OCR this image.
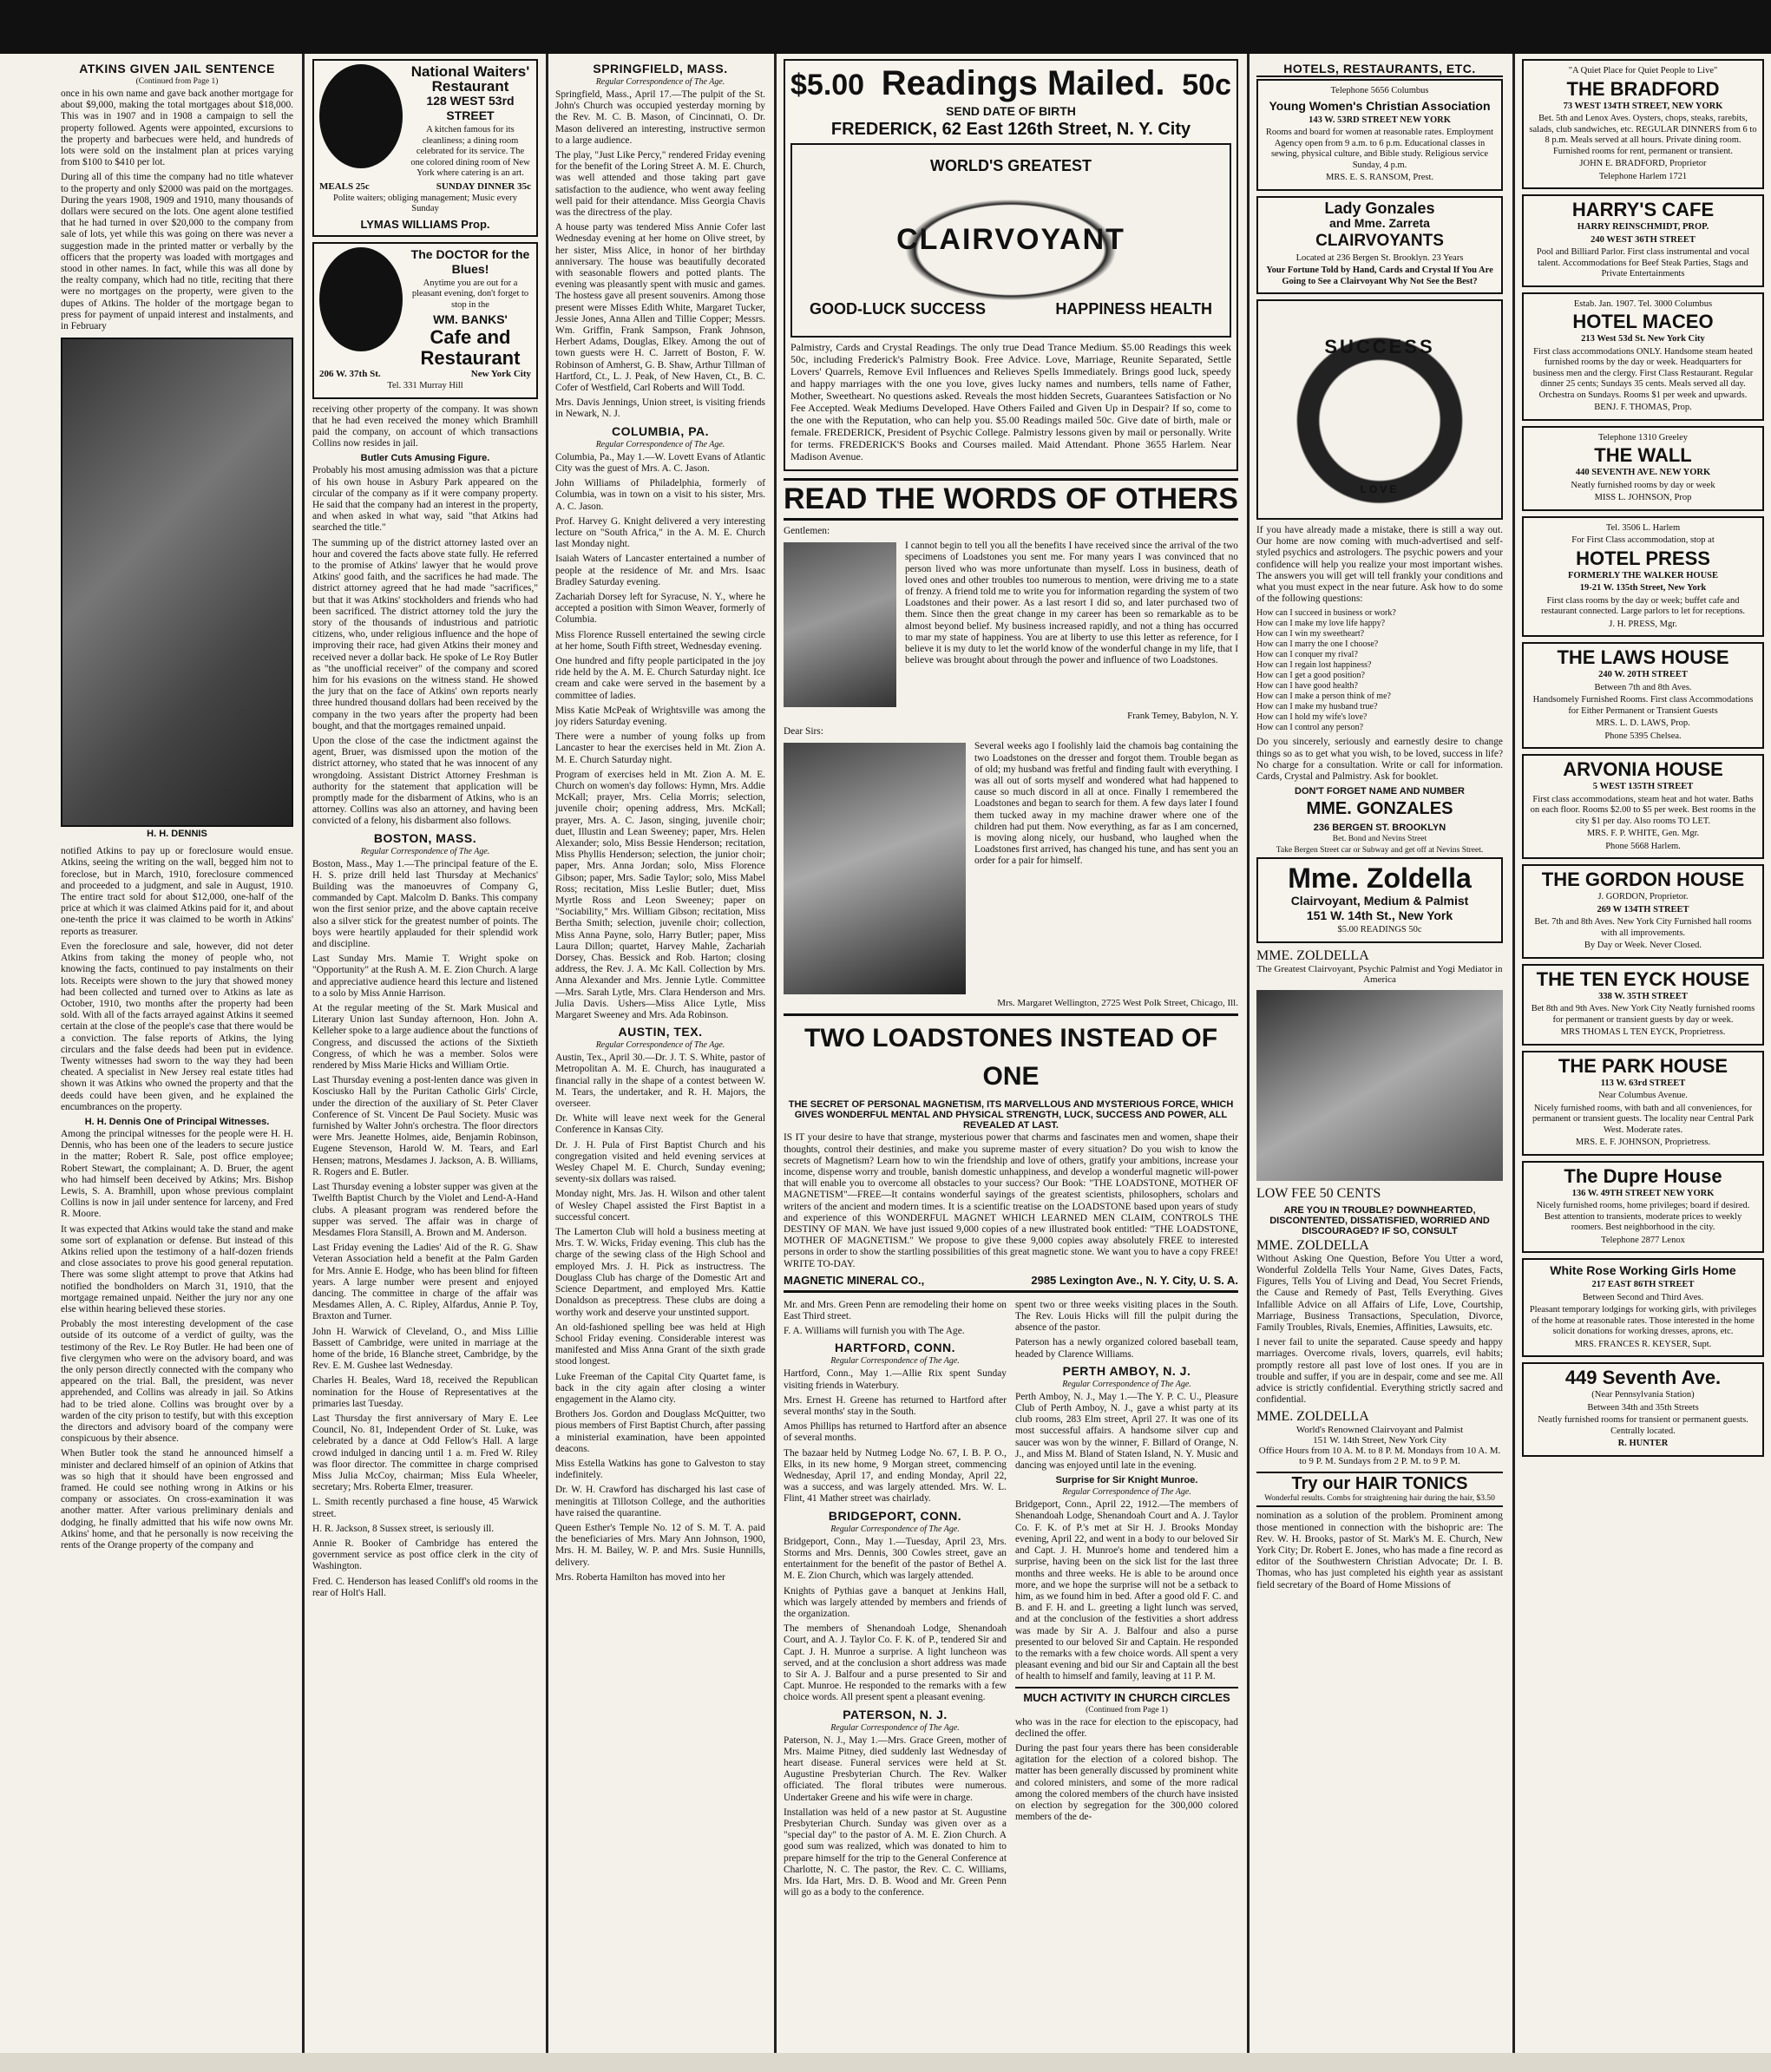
ATKINS GIVEN JAIL SENTENCE
(Continued from Page 1)

once in his own name and gave back another mortgage for about $9,000, making the total mortgages about $18,000. This was in 1907 and in 1908 a campaign to sell the property followed. Agents were appointed, excursions to the property and barbecues were held, and hundreds of lots were sold on the instalment plan at prices varying from $100 to $410 per lot.

During all of this time the company had no title whatever to the property and only $2000 was paid on the mortgages. During the years 1908, 1909 and 1910, many thousands of dollars were secured on the lots. One agent alone testified that he had turned in over $20,000 to the company from sale of lots, yet while this was going on there was never a suggestion made in the printed matter or verbally by the officers that the property was loaded with mortgages and stood in other names. In fact, while this was all done by the realty company, which had no title, reciting that there were no mortgages on the property, were given to the dupes of Atkins. The holder of the mortgage began to press for payment of unpaid interest and instalments, and in February

H. H. DENNIS

notified Atkins to pay up or foreclosure would ensue. Atkins, seeing the writing on the wall, begged him not to foreclose, but in March, 1910, foreclosure commenced and proceeded to a judgment, and sale in August, 1910. The entire tract sold for about $12,000, one-half of the price at which it was claimed Atkins paid for it, and about one-tenth the price it was claimed to be worth in Atkins' reports as treasurer.

Even the foreclosure and sale, however, did not deter Atkins from taking the money of people who, not knowing the facts, continued to pay instalments on their lots. Receipts were shown to the jury that showed money had been collected and turned over to Atkins as late as October, 1910, two months after the property had been sold. With all of the facts arrayed against Atkins it seemed certain at the close of the people's case that there would be a conviction. The false reports of Atkins, the lying circulars and the false deeds had been put in evidence. Twenty witnesses had sworn to the way they had been cheated. A specialist in New Jersey real estate titles had shown it was Atkins who owned the property and that the deeds could have been given, and he explained the encumbrances on the property.

H. H. Dennis One of Principal Witnesses.

Among the principal witnesses for the people were H. H. Dennis, who has been one of the leaders to secure justice in the matter; Robert R. Sale, post office employee; Robert Stewart, the complainant; A. D. Bruer, the agent who had himself been deceived by Atkins; Mrs. Bishop Lewis, S. A. Bramhill, upon whose previous complaint Collins is now in jail under sentence for larceny, and Fred R. Moore.

It was expected that Atkins would take the stand and make some sort of explanation or defense. But instead of this Atkins relied upon the testimony of a half-dozen friends and close associates to prove his good general reputation. There was some slight attempt to prove that Atkins had notified the bondholders on March 31, 1910, that the mortgage remained unpaid. Neither the jury nor any one else within hearing believed these stories.

Probably the most interesting development of the case outside of its outcome of a verdict of guilty, was the testimony of the Rev. Le Roy Butler. He had been one of five clergymen who were on the advisory board, and was the only person directly connected with the company who appeared on the trial. Ball, the president, was never apprehended, and Collins was already in jail. So Atkins had to be tried alone. Collins was brought over by a warden of the city prison to testify, but with this exception the directors and advisory board of the company were conspicuous by their absence.

When Butler took the stand he announced himself a minister and declared himself of an opinion of Atkins that was so high that it should have been engrossed and framed. He could see nothing wrong in Atkins or his company or associates. On cross-examination it was another matter. After various preliminary denials and dodging, he finally admitted that his wife now owns Mr. Atkins' home, and that he personally is now receiving the rents of the Orange property of the company and

National Waiters' Restaurant
128 WEST 53rd STREET
A kitchen famous for its cleanliness; a dining room celebrated for its service. The one colored dining room of New York where catering is an art.
MEALS 25c	SUNDAY DINNER 35c
Polite waiters; obliging management; Music every Sunday
LYMAS WILLIAMS Prop.
The DOCTOR for the Blues!
Anytime you are out for a pleasant evening, don't forget to stop in the
WM. BANKS'
Cafe and Restaurant
206 W. 37th St.	New York City
Tel. 331 Murray Hill

receiving other property of the company. It was shown that he had even received the money which Bramhill paid the company, on account of which transactions Collins now resides in jail.

Butler Cuts Amusing Figure.

Probably his most amusing admission was that a picture of his own house in Asbury Park appeared on the circular of the company as if it were company property. He said that the company had an interest in the property, and when asked in what way, said "that Atkins had searched the title."

The summing up of the district attorney lasted over an hour and covered the facts above state fully. He referred to the promise of Atkins' lawyer that he would prove Atkins' good faith, and the sacrifices he had made. The district attorney agreed that he had made "sacrifices," but that it was Atkins' stockholders and friends who had been sacrificed. The district attorney told the jury the story of the thousands of industrious and patriotic citizens, who, under religious influence and the hope of improving their race, had given Atkins their money and received never a dollar back. He spoke of Le Roy Butler as "the unofficial receiver" of the company and scored him for his evasions on the witness stand. He showed the jury that on the face of Atkins' own reports nearly three hundred thousand dollars had been received by the company in the two years after the property had been bought, and that the mortgages remained unpaid.

Upon the close of the case the indictment against the agent, Bruer, was dismissed upon the motion of the district attorney, who stated that he was innocent of any wrongdoing. Assistant District Attorney Freshman is authority for the statement that application will be promptly made for the disbarment of Atkins, who is an attorney. Collins was also an attorney, and having been convicted of a felony, his disbarment also follows.

BOSTON, MASS.
Regular Correspondence of The Age.

Boston, Mass., May 1.—The principal feature of the E. H. S. prize drill held last Thursday at Mechanics' Building was the manoeuvres of Company G, commanded by Capt. Malcolm D. Banks. This company won the first senior prize, and the above captain receive also a silver stick for the greatest number of points. The boys were heartily applauded for their splendid work and discipline.

Last Sunday Mrs. Mamie T. Wright spoke on "Opportunity" at the Rush A. M. E. Zion Church. A large and appreciative audience heard this lecture and listened to a solo by Miss Annie Harrison.

At the regular meeting of the St. Mark Musical and Literary Union last Sunday afternoon, Hon. John A. Kelleher spoke to a large audience about the functions of Congress, and discussed the actions of the Sixtieth Congress, of which he was a member. Solos were rendered by Miss Marie Hicks and William Ortie.

Last Thursday evening a post-lenten dance was given in Kosciusko Hall by the Puritan Catholic Girls' Circle, under the direction of the auxiliary of St. Peter Claver Conference of St. Vincent De Paul Society. Music was furnished by Walter John's orchestra. The floor directors were Mrs. Jeanette Holmes, aide, Benjamin Robinson, Eugene Stevenson, Harold W. M. Tears, and Earl Hensen; matrons, Mesdames J. Jackson, A. B. Williams, R. Rogers and E. Butler.

Last Thursday evening a lobster supper was given at the Twelfth Baptist Church by the Violet and Lend-A-Hand clubs. A pleasant program was rendered before the supper was served. The affair was in charge of Mesdames Flora Stansill, A. Brown and M. Anderson.

Last Friday evening the Ladies' Aid of the R. G. Shaw Veteran Association held a benefit at the Palm Garden for Mrs. Annie E. Hodge, who has been blind for fifteen years. A large number were present and enjoyed dancing. The committee in charge of the affair was Mesdames Allen, A. C. Ripley, Alfardus, Annie P. Toy, Braxton and Turner.

John H. Warwick of Cleveland, O., and Miss Lillie Bassett of Cambridge, were united in marriage at the home of the bride, 16 Blanche street, Cambridge, by the Rev. E. M. Gushee last Wednesday.

Charles H. Beales, Ward 18, received the Republican nomination for the House of Representatives at the primaries last Tuesday.

Last Thursday the first anniversary of Mary E. Lee Council, No. 81, Independent Order of St. Luke, was celebrated by a dance at Odd Fellow's Hall. A large crowd indulged in dancing until 1 a. m. Fred W. Riley was floor director. The committee in charge comprised Miss Julia McCoy, chairman; Miss Eula Wheeler, secretary; Mrs. Roberta Elmer, treasurer.

L. Smith recently purchased a fine house, 45 Warwick street.

H. R. Jackson, 8 Sussex street, is seriously ill.

Annie R. Booker of Cambridge has entered the government service as post office clerk in the city of Washington.

Fred. C. Henderson has leased Conliff's old rooms in the rear of Holt's Hall.

SPRINGFIELD, MASS.
Regular Correspondence of The Age.

Springfield, Mass., April 17.—The pulpit of the St. John's Church was occupied yesterday morning by the Rev. M. C. B. Mason, of Cincinnati, O. Dr. Mason delivered an interesting, instructive sermon to a large audience.

The play, "Just Like Percy," rendered Friday evening for the benefit of the Loring Street A. M. E. Church, was well attended and those taking part gave satisfaction to the audience, who went away feeling well paid for their attendance. Miss Georgia Chavis was the directress of the play.

A house party was tendered Miss Annie Cofer last Wednesday evening at her home on Olive street, by her sister, Miss Alice, in honor of her birthday anniversary. The house was beautifully decorated with seasonable flowers and potted plants. The evening was pleasantly spent with music and games. The hostess gave all present souvenirs. Among those present were Misses Edith White, Margaret Tucker, Jessie Jones, Anna Allen and Tillie Copper; Messrs. Wm. Griffin, Frank Sampson, Frank Johnson, Herbert Adams, Douglas, Elkey. Among the out of town guests were H. C. Jarrett of Boston, F. W. Robinson of Amherst, G. B. Shaw, Arthur Tillman of Hartford, Ct., L. J. Peak, of New Haven, Ct., B. C. Cofer of Westfield, Carl Roberts and Will Todd.

Mrs. Davis Jennings, Union street, is visiting friends in Newark, N. J.

COLUMBIA, PA.
Regular Correspondence of The Age.

Columbia, Pa., May 1.—W. Lovett Evans of Atlantic City was the guest of Mrs. A. C. Jason.

John Williams of Philadelphia, formerly of Columbia, was in town on a visit to his sister, Mrs. A. C. Jason.

Prof. Harvey G. Knight delivered a very interesting lecture on "South Africa," in the A. M. E. Church last Monday night.

Isaiah Waters of Lancaster entertained a number of people at the residence of Mr. and Mrs. Isaac Bradley Saturday evening.

Zachariah Dorsey left for Syracuse, N. Y., where he accepted a position with Simon Weaver, formerly of Columbia.

Miss Florence Russell entertained the sewing circle at her home, South Fifth street, Wednesday evening.

One hundred and fifty people participated in the joy ride held by the A. M. E. Church Saturday night. Ice cream and cake were served in the basement by a committee of ladies.

Miss Katie McPeak of Wrightsville was among the joy riders Saturday evening.

There were a number of young folks up from Lancaster to hear the exercises held in Mt. Zion A. M. E. Church Saturday night.

Program of exercises held in Mt. Zion A. M. E. Church on women's day follows: Hymn, Mrs. Addie McKall; prayer, Mrs. Celia Morris; selection, juvenile choir; opening address, Mrs. McKall; prayer, Mrs. A. C. Jason, singing, juvenile choir; duet, Illustin and Lean Sweeney; paper, Mrs. Helen Alexander; solo, Miss Bessie Henderson; recitation, Miss Phyllis Henderson; selection, the junior choir; paper, Mrs. Anna Jordan; solo, Miss Florence Gibson; paper, Mrs. Sadie Taylor; solo, Miss Mabel Ross; recitation, Miss Leslie Butler; duet, Miss Myrtle Ross and Leon Sweeney; paper on "Sociability," Mrs. William Gibson; recitation, Miss Bertha Smith; selection, juvenile choir; collection, Miss Anna Payne, solo, Harry Butler; paper, Miss Laura Dillon; quartet, Harvey Mahle, Zachariah Dorsey, Chas. Bessick and Rob. Harton; closing address, the Rev. J. A. Mc Kall. Collection by Mrs. Anna Alexander and Mrs. Jennie Lytle. Committee—Mrs. Sarah Lytle, Mrs. Clara Henderson and Mrs. Julia Davis. Ushers—Miss Alice Lytle, Miss Margaret Sweeney and Mrs. Ada Robinson.

AUSTIN, TEX.
Regular Correspondence of The Age.

Austin, Tex., April 30.—Dr. J. T. S. White, pastor of Metropolitan A. M. E. Church, has inaugurated a financial rally in the shape of a contest between W. M. Tears, the undertaker, and R. H. Majors, the overseer.

Dr. White will leave next week for the General Conference in Kansas City.

Dr. J. H. Pula of First Baptist Church and his congregation visited and held evening services at Wesley Chapel M. E. Church, Sunday evening; seventy-six dollars was raised.

Monday night, Mrs. Jas. H. Wilson and other talent of Wesley Chapel assisted the First Baptist in a successful concert.

The Lamerton Club will hold a business meeting at Mrs. T. W. Wicks, Friday evening. This club has the charge of the sewing class of the High School and employed Mrs. J. H. Pick as instructress. The Douglass Club has charge of the Domestic Art and Science Department, and employed Mrs. Kattie Donaldson as preceptress. These clubs are doing a worthy work and deserve your unstinted support.

An old-fashioned spelling bee was held at High School Friday evening. Considerable interest was manifested and Miss Anna Grant of the sixth grade stood longest.

Luke Freeman of the Capital City Quartet fame, is back in the city again after closing a winter engagement in the Alamo city.

Brothers Jos. Gordon and Douglass McQuitter, two pious members of First Baptist Church, after passing a ministerial examination, have been appointed deacons.

Miss Estella Watkins has gone to Galveston to stay indefinitely.

Dr. W. H. Crawford has discharged his last case of meningitis at Tillotson College, and the authorities have raised the quarantine.

Queen Esther's Temple No. 12 of S. M. T. A. paid the beneficiaries of Mrs. Mary Ann Johnson, 1900, Mrs. H. M. Bailey, W. P. and Mrs. Susie Hunnills, delivery.

Mrs. Roberta Hamilton has moved into her

$5.00 Readings Mailed. 50c
SEND DATE OF BIRTH
FREDERICK, 62 East 126th Street, N. Y. City
WORLD'S GREATEST
CLAIRVOYANT
GOOD-LUCK SUCCESS	HAPPINESS HEALTH

Palmistry, Cards and Crystal Readings. The only true Dead Trance Medium. $5.00 Readings this week 50c, including Frederick's Palmistry Book. Free Advice. Love, Marriage, Reunite Separated, Settle Lovers' Quarrels, Remove Evil Influences and Relieves Spells Immediately. Brings good luck, speedy and happy marriages with the one you love, gives lucky names and numbers, tells name of Father, Mother, Sweetheart. No questions asked. Reveals the most hidden Secrets, Guarantees Satisfaction or No Fee Accepted. Weak Mediums Developed. Have Others Failed and Given Up in Despair? If so, come to the one with the Reputation, who can help you. $5.00 Readings mailed 50c. Give date of birth, male or female. FREDERICK, President of Psychic College. Palmistry lessons given by mail or personally. Write for terms. FREDERICK'S Books and Courses mailed. Maid Attendant. Phone 3655 Harlem. Near Madison Avenue.

READ THE WORDS OF OTHERS

Gentlemen:

I cannot begin to tell you all the benefits I have received since the arrival of the two specimens of Loadstones you sent me. For many years I was convinced that no person lived who was more unfortunate than myself. Loss in business, death of loved ones and other troubles too numerous to mention, were driving me to a state of frenzy. A friend told me to write you for information regarding the system of two Loadstones and their power. As a last resort I did so, and later purchased two of them. Since then the great change in my career has been so remarkable as to be almost beyond belief. My business increased rapidly, and not a thing has occurred to mar my state of happiness. You are at liberty to use this letter as reference, for I believe it is my duty to let the world know of the wonderful change in my life, that I believe was brought about through the power and influence of two Loadstones.

Frank Temey, Babylon, N. Y.

Dear Sirs:

Several weeks ago I foolishly laid the chamois bag containing the two Loadstones on the dresser and forgot them. Trouble began as of old; my husband was fretful and finding fault with everything. I was all out of sorts myself and wondered what had happened to cause so much discord in all at once. Finally I remembered the Loadstones and began to search for them. A few days later I found them tucked away in my machine drawer where one of the children had put them. Now everything, as far as I am concerned, is moving along nicely, our husband, who laughed when the Loadstones first arrived, has changed his tune, and has sent you an order for a pair for himself.

Mrs. Margaret Wellington, 2725 West Polk Street, Chicago, Ill.
TWO LOADSTONES INSTEAD OF ONE
THE SECRET OF PERSONAL MAGNETISM, ITS MARVELLOUS AND MYSTERIOUS FORCE, WHICH GIVES WONDERFUL MENTAL AND PHYSICAL STRENGTH, LUCK, SUCCESS AND POWER, ALL REVEALED AT LAST.

IS IT your desire to have that strange, mysterious power that charms and fascinates men and women, shape their thoughts, control their destinies, and make you supreme master of every situation? Do you wish to know the secrets of Magnetism? Learn how to win the friendship and love of others, gratify your ambitions, increase your income, dispense worry and trouble, banish domestic unhappiness, and develop a wonderful magnetic will-power that will enable you to overcome all obstacles to your success? Our Book: "THE LOADSTONE, MOTHER OF MAGNETISM"—FREE—It contains wonderful sayings of the greatest scientists, philosophers, scholars and writers of the ancient and modern times. It is a scientific treatise on the LOADSTONE based upon years of study and experience of this WONDERFUL MAGNET WHICH LEARNED MEN CLAIM, CONTROLS THE DESTINY OF MAN. We have just issued 9,000 copies of a new illustrated book entitled: "THE LOADSTONE, MOTHER OF MAGNETISM." We propose to give these 9,000 copies away absolutely FREE to interested persons in order to show the startling possibilities of this great magnetic stone. We want you to have a copy FREE! WRITE TO-DAY.

MAGNETIC MINERAL CO.,	2985 Lexington Ave., N. Y. City, U. S. A.

Mr. and Mrs. Green Penn are remodeling their home on East Third street.

F. A. Williams will furnish you with The Age.

HARTFORD, CONN.
Regular Correspondence of The Age.

Hartford, Conn., May 1.—Allie Rix spent Sunday visiting friends in Waterbury.

Mrs. Ernest H. Greene has returned to Hartford after several months' stay in the South.

Amos Phillips has returned to Hartford after an absence of several months.

The bazaar held by Nutmeg Lodge No. 67, I. B. P. O., Elks, in its new home, 9 Morgan street, commencing Wednesday, April 17, and ending Monday, April 22, was a success, and was largely attended. Mrs. W. L. Flint, 41 Mather street was chairlady.

BRIDGEPORT, CONN.
Regular Correspondence of The Age.

Bridgeport, Conn., May 1.—Tuesday, April 23, Mrs. Storms and Mrs. Dennis, 300 Cowles street, gave an entertainment for the benefit of the pastor of Bethel A. M. E. Zion Church, which was largely attended.

Knights of Pythias gave a banquet at Jenkins Hall, which was largely attended by members and friends of the organization.

The members of Shenandoah Lodge, Shenandoah Court, and A. J. Taylor Co. F. K. of P., tendered Sir and Capt. J. H. Munroe a surprise. A light luncheon was served, and at the conclusion a short address was made to Sir A. J. Balfour and a purse presented to Sir and Capt. Munroe. He responded to the remarks with a few choice words. All present spent a pleasant evening.

PATERSON, N. J.
Regular Correspondence of The Age.

Paterson, N. J., May 1.—Mrs. Grace Green, mother of Mrs. Maime Pitney, died suddenly last Wednesday of heart disease. Funeral services were held at St. Augustine Presbyterian Church. The Rev. Walker officiated. The floral tributes were numerous. Undertaker Greene and his wife were in charge.

Installation was held of a new pastor at St. Augustine Presbyterian Church. Sunday was given over as a "special day" to the pastor of A. M. E. Zion Church. A good sum was realized, which was donated to him to prepare himself for the trip to the General Conference at Charlotte, N. C. The pastor, the Rev. C. C. Williams, Mrs. Ida Hart, Mrs. D. B. Wood and Mr. Green Penn will go as a body to the conference.

spent two or three weeks visiting places in the South. The Rev. Louis Hicks will fill the pulpit during the absence of the pastor.

Paterson has a newly organized colored baseball team, headed by Clarence Williams.

PERTH AMBOY, N. J.
Regular Correspondence of The Age.

Perth Amboy, N. J., May 1.—The Y. P. C. U., Pleasure Club of Perth Amboy, N. J., gave a whist party at its club rooms, 283 Elm street, April 27. It was one of its most successful affairs. A handsome silver cup and saucer was won by the winner, F. Billard of Orange, N. J., and Miss M. Bland of Staten Island, N. Y. Music and dancing was enjoyed until late in the evening.

Surprise for Sir Knight Munroe.
Regular Correspondence of The Age.

Bridgeport, Conn., April 22, 1912.—The members of Shenandoah Lodge, Shenandoah Court and A. J. Taylor Co. F. K. of P.'s met at Sir H. J. Brooks Monday evening, April 22, and went in a body to our beloved Sir and Capt. J. H. Munroe's home and tendered him a surprise, having been on the sick list for the last three months and three weeks. He is able to be around once more, and we hope the surprise will not be a setback to him, as we found him in bed. After a good old F. C. and B. and F. H. and L. greeting a light lunch was served, and at the conclusion of the festivities a short address was made by Sir A. J. Balfour and also a purse presented to our beloved Sir and Captain. He responded to the remarks with a few choice words. All spent a very pleasant evening and bid our Sir and Captain all the best of health to himself and family, leaving at 11 P. M.

MUCH ACTIVITY IN CHURCH CIRCLES
(Continued from Page 1)

who was in the race for election to the episcopacy, had declined the offer.

During the past four years there has been considerable agitation for the election of a colored bishop. The matter has been generally discussed by prominent white and colored ministers, and some of the more radical among the colored members of the church have insisted on election by segregation for the 300,000 colored members of the de-

HOTELS, RESTAURANTS, ETC.
Telephone 5656 Columbus
Young Women's Christian Association
143 W. 53RD STREET NEW YORK
Rooms and board for women at reasonable rates. Employment Agency open from 9 a.m. to 6 p.m. Educational classes in sewing, physical culture, and Bible study. Religious service Sunday, 4 p.m.
MRS. E. S. RANSOM, Prest.
Lady Gonzales
and Mme. Zarreta
CLAIRVOYANTS
Located at 236 Bergen St. Brooklyn. 23 Years
Your Fortune Told by Hand, Cards and Crystal If You Are Going to See a Clairvoyant Why Not See the Best?
SUCCESS
LOVE

If you have already made a mistake, there is still a way out. Our home are now coming with much-advertised and self-styled psychics and astrologers. The psychic powers and your confidence will help you realize your most important wishes. The answers you will get will tell frankly your conditions and what you must expect in the near future. Ask how to do some of the following questions:

How can I succeed in business or work?
How can I make my love life happy?
How can I win my sweetheart?
How can I marry the one I choose?
How can I conquer my rival?
How can I regain lost happiness?
How can I get a good position?
How can I have good health?
How can I make a person think of me?
How can I make my husband true?
How can I hold my wife's love?
How can I control any person?

Do you sincerely, seriously and earnestly desire to change things so as to get what you wish, to be loved, success in life? No charge for a consultation. Write or call for information. Cards, Crystal and Palmistry. Ask for booklet.

DON'T FORGET NAME AND NUMBER
MME. GONZALES
236 BERGEN ST. BROOKLYN
Bet. Bond and Nevins Street
Take Bergen Street car or Subway and get off at Nevins Street.
Mme. Zoldella
Clairvoyant, Medium & Palmist
151 W. 14th St., New York
$5.00 READINGS 50c
MME. ZOLDELLA
The Greatest Clairvoyant, Psychic Palmist and Yogi Mediator in America
LOW FEE 50 CENTS
ARE YOU IN TROUBLE? DOWNHEARTED, DISCONTENTED, DISSATISFIED, WORRIED AND DISCOURAGED? IF SO, CONSULT
MME. ZOLDELLA

Without Asking One Question, Before You Utter a word, Wonderful Zoldella Tells Your Name, Gives Dates, Facts, Figures, Tells You of Living and Dead, You Secret Friends, the Cause and Remedy of Past, Tells Everything. Gives Infallible Advice on all Affairs of Life, Love, Courtship, Marriage, Business Transactions, Speculation, Divorce, Family Troubles, Rivals, Enemies, Affinities, Lawsuits, etc.

I never fail to unite the separated. Cause speedy and happy marriages. Overcome rivals, lovers, quarrels, evil habits; promptly restore all past love of lost ones. If you are in trouble and suffer, if you are in despair, come and see me. All advice is strictly confidential. Everything strictly sacred and confidential.

MME. ZOLDELLA
World's Renowned Clairvoyant and Palmist
151 W. 14th Street, New York City
Office Hours from 10 A. M. to 8 P. M. Mondays from 10 A. M. to 9 P. M. Sundays from 2 P. M. to 9 P. M.
Try our HAIR TONICS
Wonderful results. Combs for straightening hair during the hair, $3.50

nomination as a solution of the problem. Prominent among those mentioned in connection with the bishopric are: The Rev. W. H. Brooks, pastor of St. Mark's M. E. Church, New York City; Dr. Robert E. Jones, who has made a fine record as editor of the Southwestern Christian Advocate; Dr. I. B. Thomas, who has just completed his eighth year as assistant field secretary of the Board of Home Missions of

"A Quiet Place for Quiet People to Live"
THE BRADFORD
73 WEST 134TH STREET, NEW YORK
Bet. 5th and Lenox Aves. Oysters, chops, steaks, rarebits, salads, club sandwiches, etc. REGULAR DINNERS from 6 to 8 p.m. Meals served at all hours. Private dining room. Furnished rooms for rent, permanent or transient.
JOHN E. BRADFORD, Proprietor
Telephone Harlem 1721
HARRY'S CAFE
HARRY REINSCHMIDT, PROP.
240 WEST 36TH STREET
Pool and Billiard Parlor. First class instrumental and vocal talent. Accommodations for Beef Steak Parties, Stags and Private Entertainments
Estab. Jan. 1907. Tel. 3000 Columbus
HOTEL MACEO
213 West 53d St. New York City
First class accommodations ONLY. Handsome steam heated furnished rooms by the day or week. Headquarters for business men and the clergy. First Class Restaurant. Regular dinner 25 cents; Sundays 35 cents. Meals served all day. Orchestra on Sundays. Rooms $1 per week and upwards.
BENJ. F. THOMAS, Prop.
Telephone 1310 Greeley
THE WALL
440 SEVENTH AVE. NEW YORK
Neatly furnished rooms by day or week
MISS L. JOHNSON, Prop
Tel. 3506 L. Harlem
For First Class accommodation, stop at
HOTEL PRESS
FORMERLY THE WALKER HOUSE
19-21 W. 135th Street, New York
First class rooms by the day or week; buffet cafe and restaurant connected. Large parlors to let for receptions.
J. H. PRESS, Mgr.
THE LAWS HOUSE
240 W. 20TH STREET
Between 7th and 8th Aves.
Handsomely Furnished Rooms. First class Accommodations for Either Permanent or Transient Guests
MRS. L. D. LAWS, Prop.
Phone 5395 Chelsea.
ARVONIA HOUSE
5 WEST 135TH STREET
First class accommodations, steam heat and hot water. Baths on each floor. Rooms $2.00 to $5 per week. Best rooms in the city $1 per day. Also rooms TO LET.
MRS. F. P. WHITE, Gen. Mgr.
Phone 5668 Harlem.
THE GORDON HOUSE
J. GORDON, Proprietor.
269 W 134TH STREET
Bet. 7th and 8th Aves. New York City Furnished hall rooms with all improvements.
By Day or Week. Never Closed.
THE TEN EYCK HOUSE
338 W. 35TH STREET
Bet 8th and 9th Aves. New York City Neatly furnished rooms for permanent or transient guests by day or week.
MRS THOMAS L TEN EYCK, Proprietress.
THE PARK HOUSE
113 W. 63rd STREET
Near Columbus Avenue.
Nicely furnished rooms, with bath and all conveniences, for permanent or transient guests. The locality near Central Park West. Moderate rates.
MRS. E. F. JOHNSON, Proprietress.
The Dupre House
136 W. 49TH STREET NEW YORK
Nicely furnished rooms, home privileges; board if desired. Best attention to transients, moderate prices to weekly roomers. Best neighborhood in the city.
Telephone 2877 Lenox
White Rose Working Girls Home
217 EAST 86TH STREET
Between Second and Third Aves.
Pleasant temporary lodgings for working girls, with privileges of the home at reasonable rates. Those interested in the home solicit donations for working dresses, aprons, etc.
MRS. FRANCES R. KEYSER, Supt.
449 Seventh Ave.
(Near Pennsylvania Station)
Between 34th and 35th Streets
Neatly furnished rooms for transient or permanent guests. Centrally located.
R. HUNTER
